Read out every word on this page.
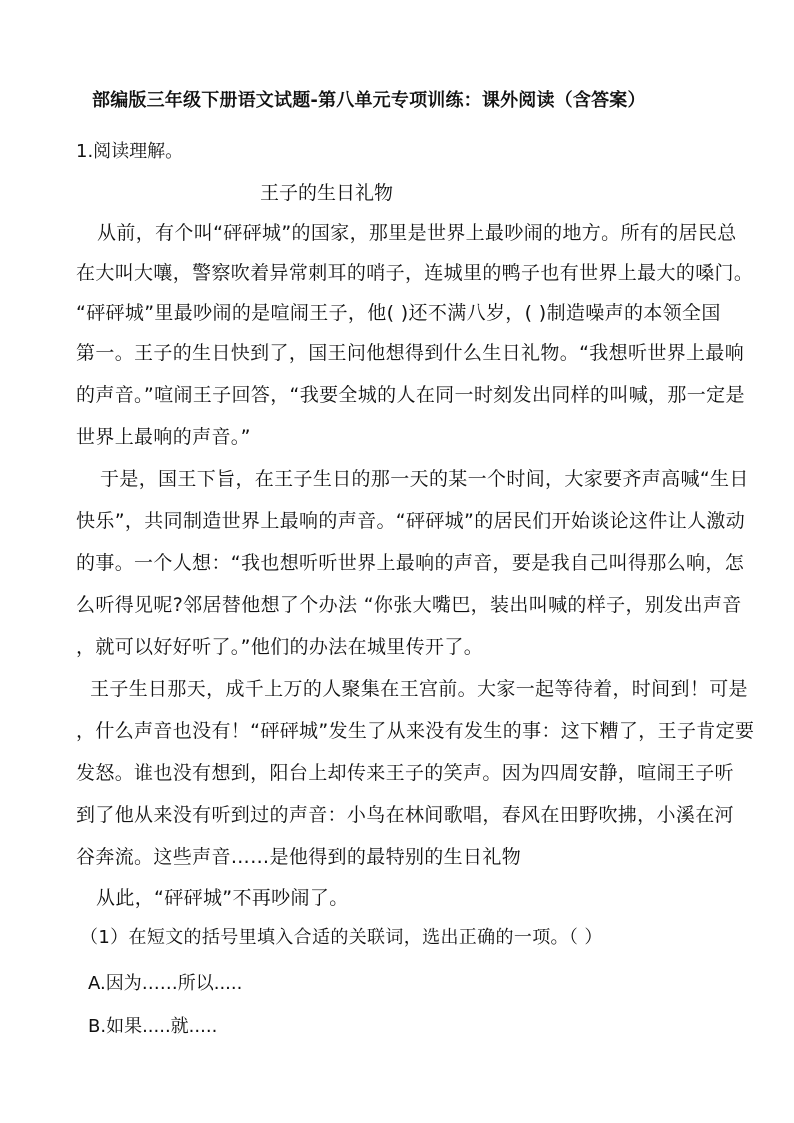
部编版三年级下册语文试题-第八单元专项训练：课外阅读（含答案）
1.阅读理解。
王子的生日礼物
从前，有个叫“砰砰城”的国家，那里是世界上最吵闹的地方。所有的居民总
在大叫大嚷，警察吹着异常刺耳的哨子，连城里的鸭子也有世界上最大的嗓门。
“砰砰城”里最吵闹的是喧闹王子，他( )还不满八岁，( )制造噪声的本领全国
第一。王子的生日快到了，国王问他想得到什么生日礼物。“我想听世界上最响
的声音。”喧闹王子回答，“我要全城的人在同一时刻发出同样的叫喊，那一定是
世界上最响的声音。”
于是，国王下旨，在王子生日的那一天的某一个时间，大家要齐声高喊“生日
快乐”，共同制造世界上最响的声音。“砰砰城”的居民们开始谈论这件让人激动
的事。一个人想：“我也想听听世界上最响的声音，要是我自己叫得那么响，怎
么听得见呢?邻居替他想了个办法 “你张大嘴巴，装出叫喊的样子，别发出声音
，就可以好好听了。”他们的办法在城里传开了。
王子生日那天，成千上万的人聚集在王宫前。大家一起等待着，时间到！可是
，什么声音也没有！“砰砰城”发生了从来没有发生的事：这下糟了，王子肯定要
发怒。谁也没有想到，阳台上却传来王子的笑声。因为四周安静，喧闹王子听
到了他从来没有听到过的声音：小鸟在林间歌唱，春风在田野吹拂，小溪在河
谷奔流。这些声音……是他得到的最特别的生日礼物
从此，“砰砰城”不再吵闹了。
（1）在短文的括号里填入合适的关联词，选出正确的一项。（ ）
A.因为……所以.....
B.如果.....就.....
